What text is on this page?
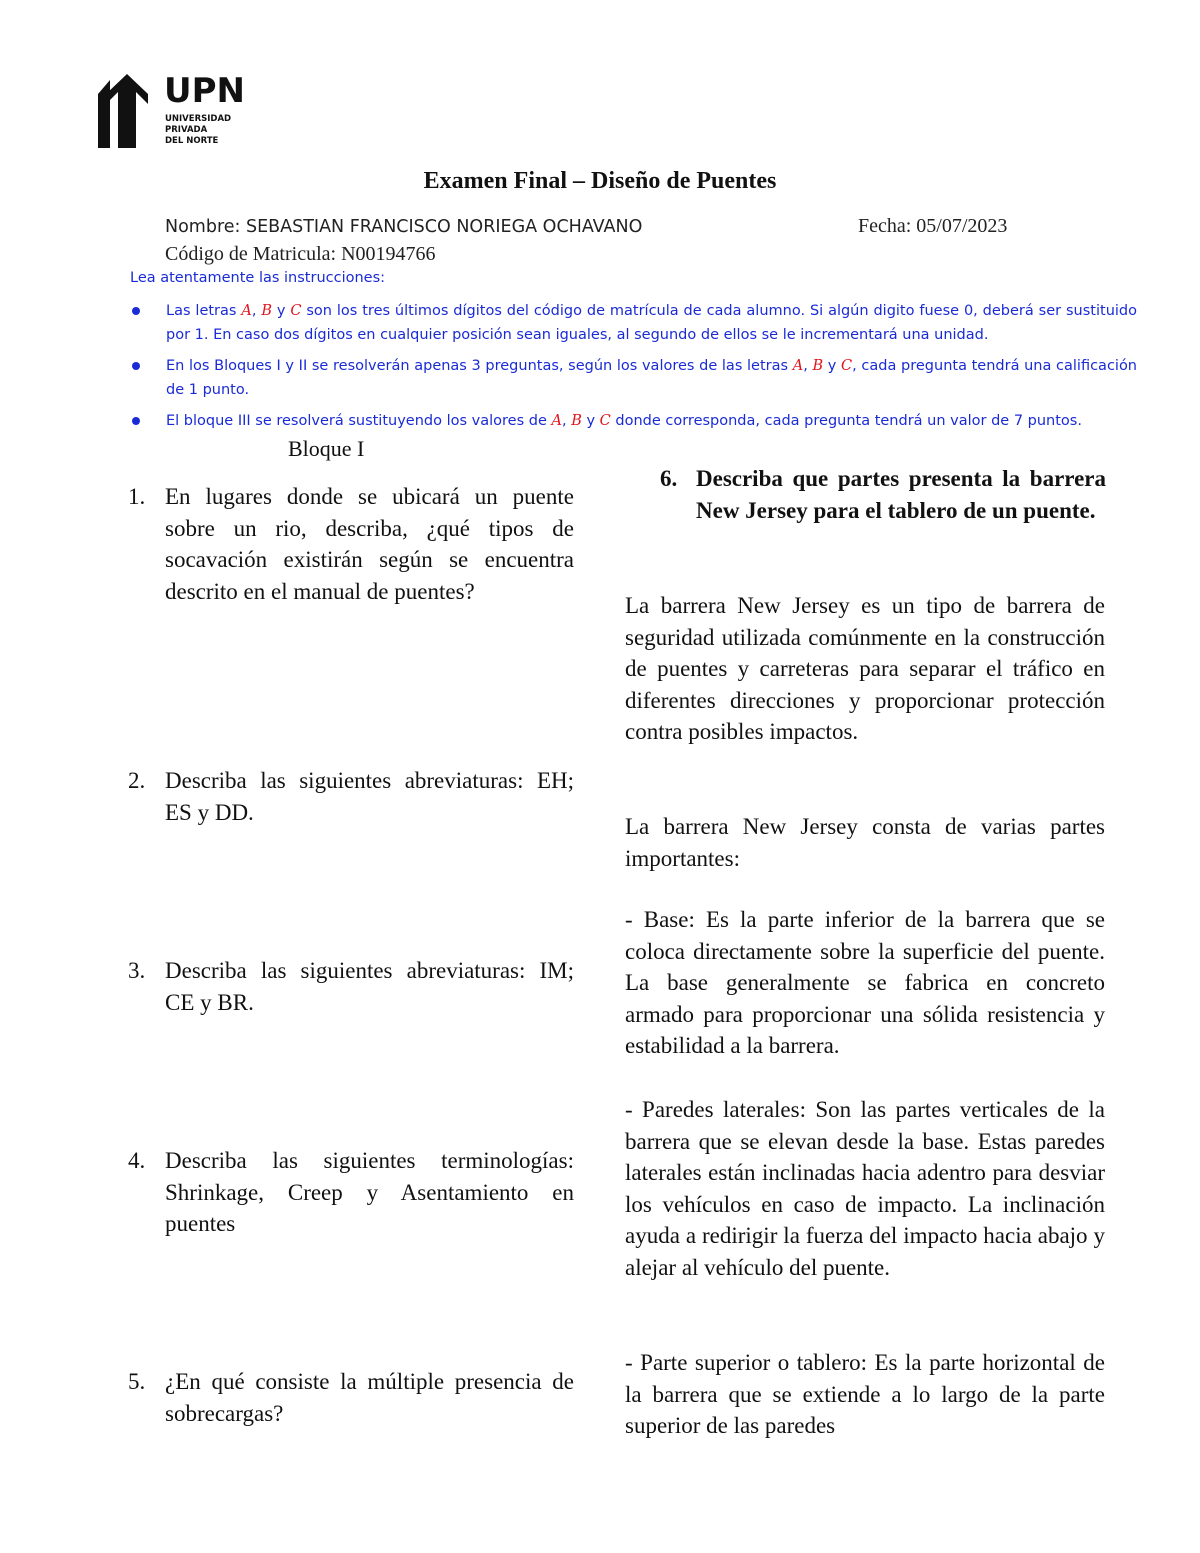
UPN
UNIVERSIDAD
PRIVADA
DEL NORTE
Examen Final – Diseño de Puentes
Nombre: SEBASTIAN FRANCISCO NORIEGA OCHAVANO	Fecha: 05/07/2023
Código de Matricula: N00194766
Lea atentamente las instrucciones:
Las letras A, B y C son los tres últimos dígitos del código de matrícula de cada alumno. Si algún digito fuese 0, deberá ser sustituido por 1. En caso dos dígitos en cualquier posición sean iguales, al segundo de ellos se le incrementará una unidad.
En los Bloques I y II se resolverán apenas 3 preguntas, según los valores de las letras A, B y C, cada pregunta tendrá una calificación de 1 punto.
El bloque III se resolverá sustituyendo los valores de A, B y C donde corresponda, cada pregunta tendrá un valor de 7 puntos.
Bloque I
1. En lugares donde se ubicará un puente sobre un rio, describa, ¿qué tipos de socavación existirán según se encuentra descrito en el manual de puentes?
2. Describa las siguientes abreviaturas: EH; ES y DD.
3. Describa las siguientes abreviaturas: IM; CE y BR.
4. Describa las siguientes terminologías: Shrinkage, Creep y Asentamiento en puentes
5. ¿En qué consiste la múltiple presencia de sobrecargas?
6. Describa que partes presenta la barrera New Jersey para el tablero de un puente.
La barrera New Jersey es un tipo de barrera de seguridad utilizada comúnmente en la construcción de puentes y carreteras para separar el tráfico en diferentes direcciones y proporcionar protección contra posibles impactos.
La barrera New Jersey consta de varias partes importantes:
- Base: Es la parte inferior de la barrera que se coloca directamente sobre la superficie del puente. La base generalmente se fabrica en concreto armado para proporcionar una sólida resistencia y estabilidad a la barrera.
- Paredes laterales: Son las partes verticales de la barrera que se elevan desde la base. Estas paredes laterales están inclinadas hacia adentro para desviar los vehículos en caso de impacto. La inclinación ayuda a redirigir la fuerza del impacto hacia abajo y alejar al vehículo del puente.
- Parte superior o tablero: Es la parte horizontal de la barrera que se extiende a lo largo de la parte superior de las paredes
